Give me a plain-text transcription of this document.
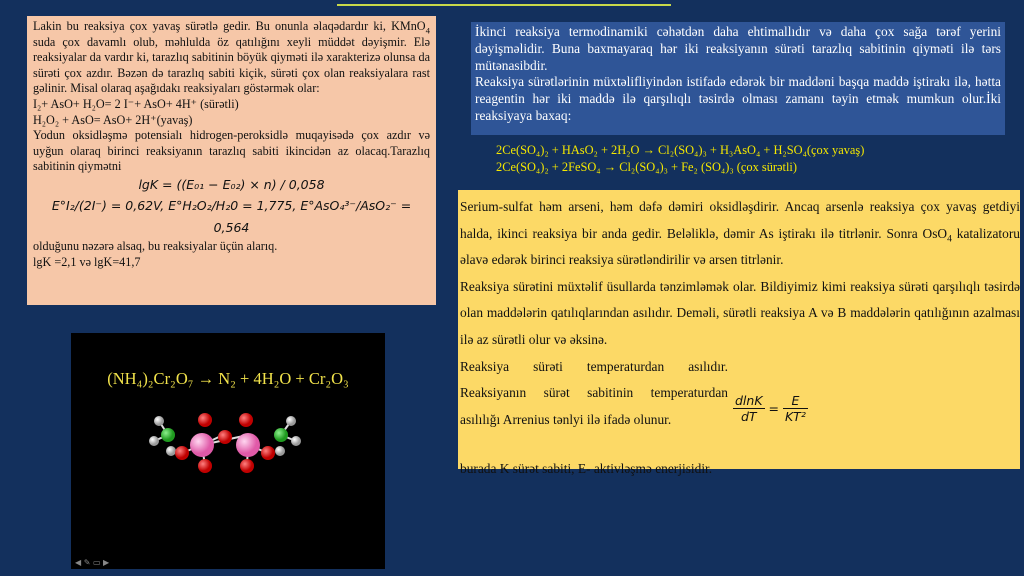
Lakin bu reaksiya çox yavaş sürətlə gedir. Bu onunla əlaqədardır ki, KMnO$_4$ suda çox davamlı olub, məhlulda öz qatılığını xeyli müddət dəyişmir. Elə reaksiyalar da vardır ki, tarazlıq sabitinin böyük qiyməti ilə xarakterizə olunsa da sürəti çox azdır. Bəzən də tarazlıq sabiti kiçik, sürəti çox olan reaksiyalara rast gəlinir. Misal olaraq aşağıdakı reaksiyaları göstərmək olar:

I₂+ AsO+ H₂O= 2 I⁻+ AsO+ 4H⁺ (sürətli)

H₂O₂ + AsO= AsO+ 2H⁺(yavaş)

Yodun oksidləşmə potensialı hidrogen-peroksidlə muqayisədə çox azdır və uyğun olaraq birinci reaksiyanın tarazlıq sabiti ikincidən az olacaq.Tarazlıq sabitinin qiymətni

lgK = ((E₀₁ − E₀₂) × n) / 0,058
E°I₂/(2I⁻) = 0,62V, E°H₂O₂/H₂0 = 1,775, E°AsO₄³⁻/AsO₂⁻ = 0,564

olduğunu nəzərə alsaq, bu reaksiyalar üçün alarıq.

lgK =2,1 və lgK=41,7

İkinci reaksiya termodinamiki cəhətdən daha ehtimallıdır və daha çox sağa tərəf yerini dəyişməlidir. Buna baxmayaraq hər iki reaksiyanın sürəti tarazlıq sabitinin qiyməti ilə tərs mütənasibdir.

Reaksiya sürətlərinin müxtəlifliyindən istifadə edərək bir maddəni başqa maddə iştirakı ilə, hətta reagentin hər iki maddə ilə qarşılıqlı təsirdə olması zamanı təyin etmək mumkun olur.İki reaksiyaya baxaq:

2Ce(SO₄)₂ + HAsO₂ + 2H₂O → Cl₂(SO₄)₃ + H₃AsO₄ + H₂SO₄(çox yavaş)
2Ce(SO₄)₂ + 2FeSO₄ → Cl₂(SO₄)₃ + Fe₂ (SO₄)₃ (çox sürətli)

Serium-sulfat həm arseni, həm dəfə dəmiri oksidləşdirir. Ancaq arsenlə reaksiya çox yavaş getdiyi halda, ikinci reaksiya bir anda gedir. Beləliklə, dəmir As iştirakı ilə titrlənir. Sonra OsO$_4$ katalizatoru əlavə edərək birinci reaksiya sürətləndirilir və arsen titrlənir.

Reaksiya sürətini müxtəlif üsullarda tənzimləmək olar. Bildiyimiz kimi reaksiya sürəti qarşılıqlı təsirdə olan maddələrin qatılıqlarından asılıdır. Deməli, sürətli reaksiya A və B maddələrin qatılığının azalması ilə az sürətli olur və əksinə.

Reaksiya sürəti temperaturdan asılıdır. Reaksiyanın sürət sabitinin temperaturdan asılılığı Arrenius tənlyi ilə ifadə olunur.	$\frac{dlnK}{dT} = \frac{E}{\text{KT²}}$
burada K sürət sabiti, E- aktivləşmə enerjisidir.
(NH₄)₂Cr₂O₇ → N₂ + 4H₂O + Cr₂O₃
◀ ✎ ▭ ▶
